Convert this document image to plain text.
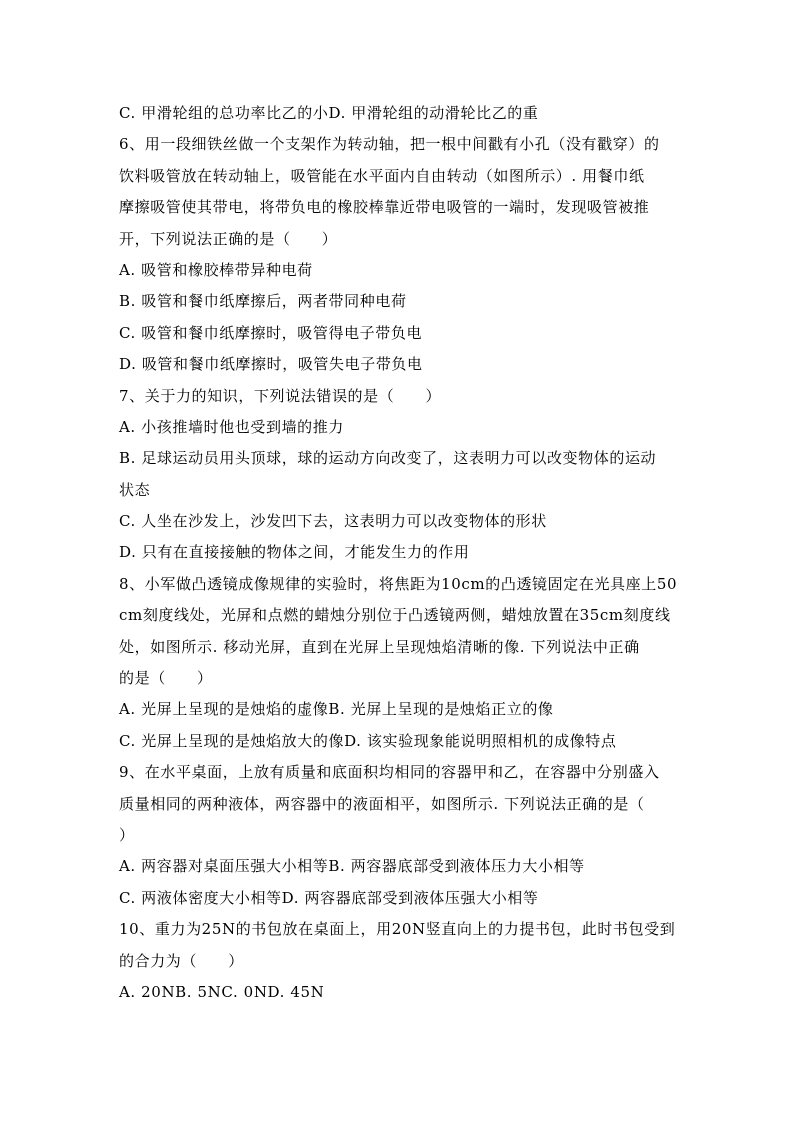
C. 甲滑轮组的总功率比乙的小D. 甲滑轮组的动滑轮比乙的重
6、用一段细铁丝做一个支架作为转动轴，把一根中间戳有小孔（没有戳穿）的
饮料吸管放在转动轴上，吸管能在水平面内自由转动（如图所示）. 用餐巾纸
摩擦吸管使其带电，将带负电的橡胶棒靠近带电吸管的一端时，发现吸管被推
开，下列说法正确的是（　　）
A. 吸管和橡胶棒带异种电荷
B. 吸管和餐巾纸摩擦后，两者带同种电荷
C. 吸管和餐巾纸摩擦时，吸管得电子带负电
D. 吸管和餐巾纸摩擦时，吸管失电子带负电
7、关于力的知识，下列说法错误的是（　　）
A. 小孩推墙时他也受到墙的推力
B. 足球运动员用头顶球，球的运动方向改变了，这表明力可以改变物体的运动
状态
C. 人坐在沙发上，沙发凹下去，这表明力可以改变物体的形状
D. 只有在直接接触的物体之间，才能发生力的作用
8、小军做凸透镜成像规律的实验时，将焦距为10cm的凸透镜固定在光具座上50
cm刻度线处，光屏和点燃的蜡烛分别位于凸透镜两侧，蜡烛放置在35cm刻度线
处，如图所示. 移动光屏，直到在光屏上呈现烛焰清晰的像. 下列说法中正确
的是（　　）
A. 光屏上呈现的是烛焰的虚像B. 光屏上呈现的是烛焰正立的像
C. 光屏上呈现的是烛焰放大的像D. 该实验现象能说明照相机的成像特点
9、在水平桌面，上放有质量和底面积均相同的容器甲和乙，在容器中分别盛入
质量相同的两种液体，两容器中的液面相平，如图所示. 下列说法正确的是（
）
A. 两容器对桌面压强大小相等B. 两容器底部受到液体压力大小相等
C. 两液体密度大小相等D. 两容器底部受到液体压强大小相等
10、重力为25N的书包放在桌面上，用20N竖直向上的力提书包，此时书包受到
的合力为（　　）
A. 20NB. 5NC. 0ND. 45N
